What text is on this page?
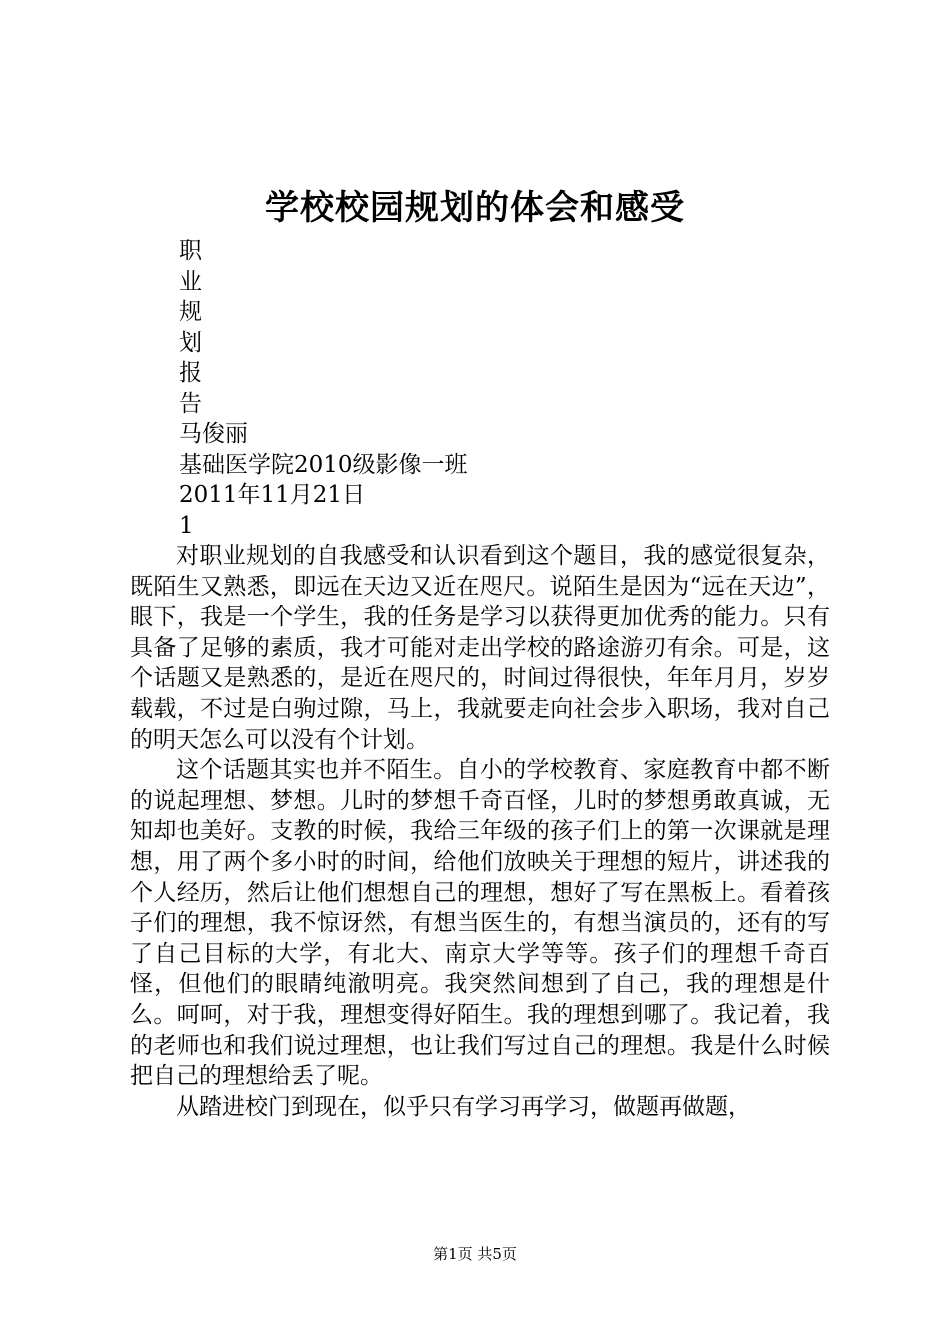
学校校园规划的体会和感受
职
业
规
划
报
告
马俊丽
基础医学院2010级影像一班
2011年11月21日
1

对职业规划的自我感受和认识看到这个题目，我的感觉很复杂，既陌生又熟悉，即远在天边又近在咫尺。说陌生是因为“远在天边”，眼下，我是一个学生，我的任务是学习以获得更加优秀的能力。只有具备了足够的素质，我才可能对走出学校的路途游刃有余。可是，这个话题又是熟悉的，是近在咫尺的，时间过得很快，年年月月，岁岁载载，不过是白驹过隙，马上，我就要走向社会步入职场，我对自己的明天怎么可以没有个计划。

这个话题其实也并不陌生。自小的学校教育、家庭教育中都不断的说起理想、梦想。儿时的梦想千奇百怪，儿时的梦想勇敢真诚，无知却也美好。支教的时候，我给三年级的孩子们上的第一次课就是理想，用了两个多小时的时间，给他们放映关于理想的短片，讲述我的个人经历，然后让他们想想自己的理想，想好了写在黑板上。看着孩子们的理想，我不惊讶然，有想当医生的，有想当演员的，还有的写了自己目标的大学，有北大、南京大学等等。孩子们的理想千奇百怪，但他们的眼睛纯澈明亮。我突然间想到了自己，我的理想是什么。呵呵，对于我，理想变得好陌生。我的理想到哪了。我记着，我的老师也和我们说过理想，也让我们写过自己的理想。我是什么时候把自己的理想给丢了呢。

从踏进校门到现在，似乎只有学习再学习，做题再做题，

第1页 共5页
